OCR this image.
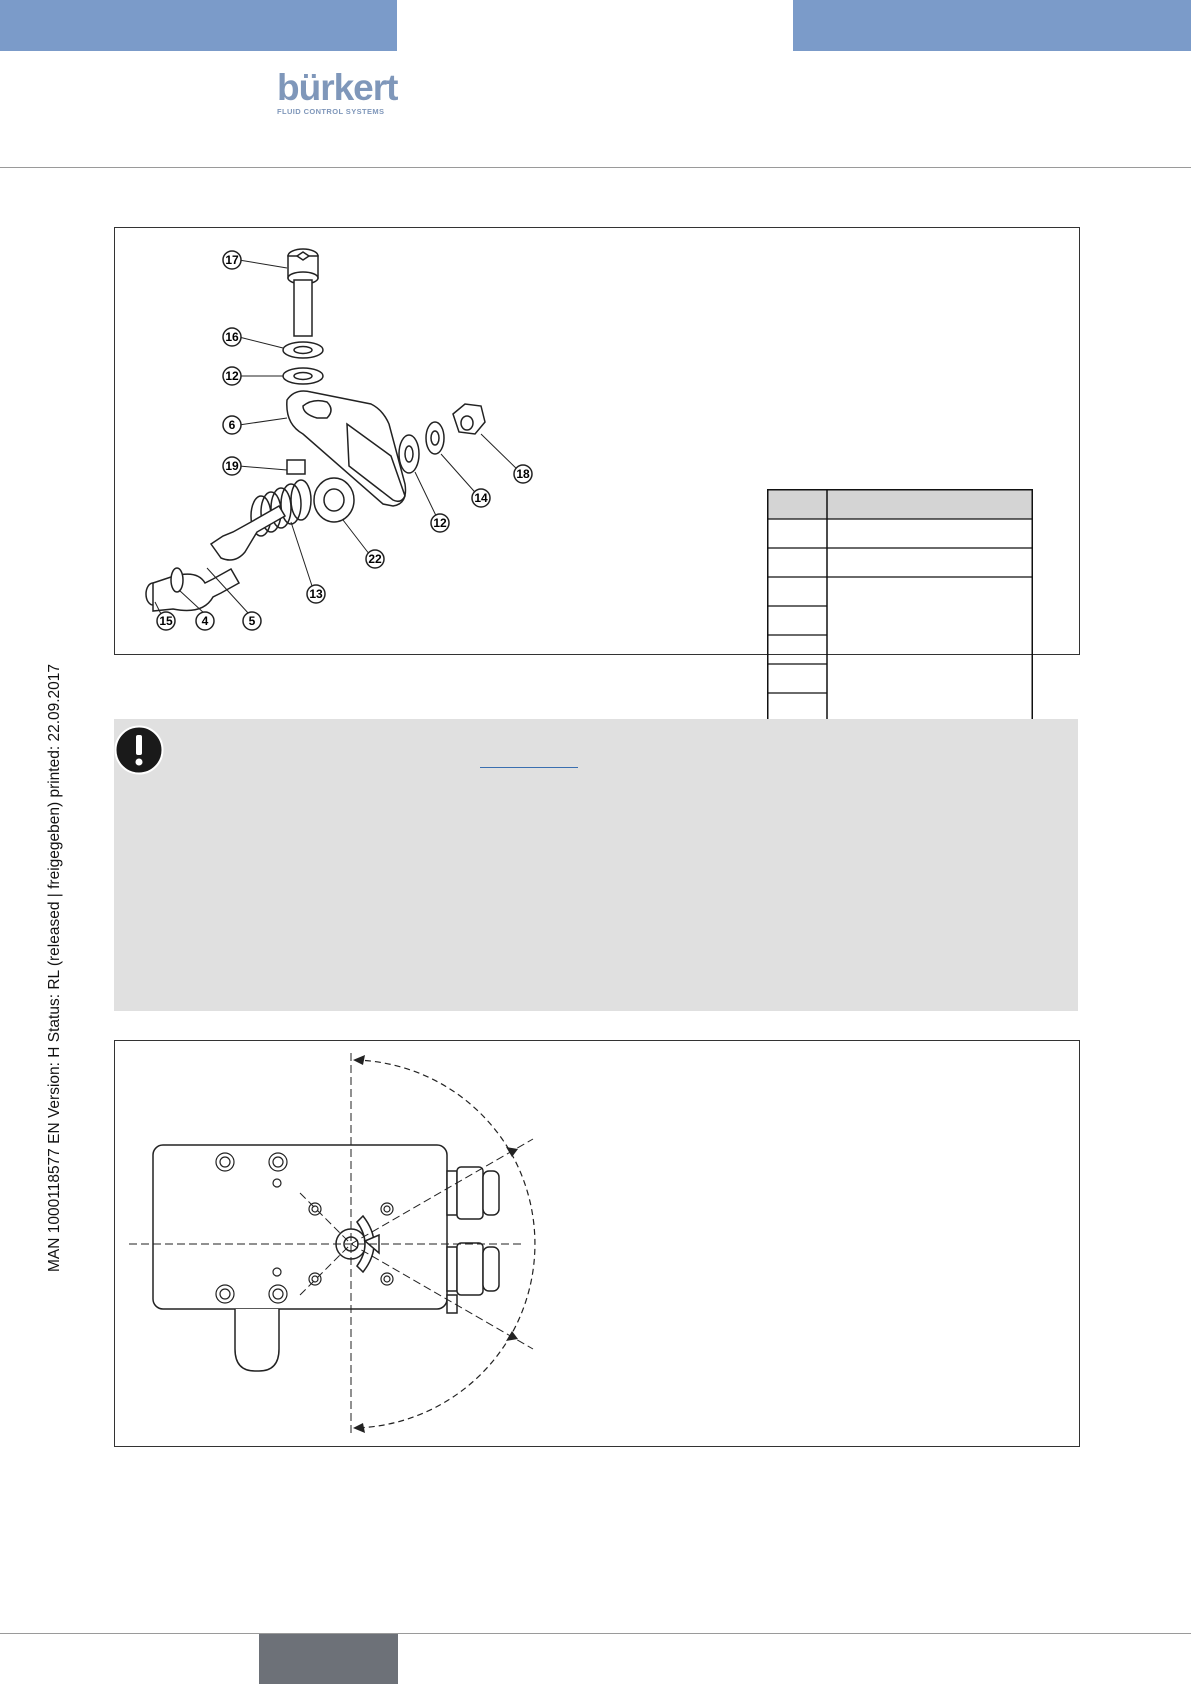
bürkert
FLUID CONTROL SYSTEMS
MAN 1000118577 EN Version: H Status: RL (released | freigegeben) printed: 22.09.2017
17
16
12
6
19
15 4	5
13
22
12
14
18
